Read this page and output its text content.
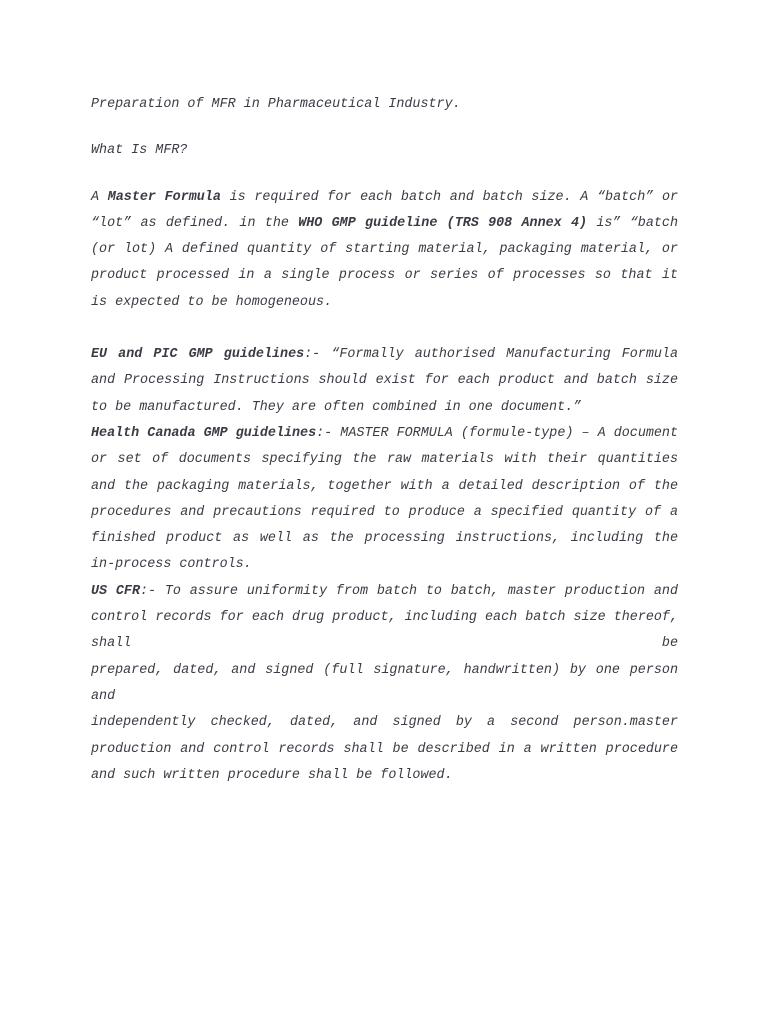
Preparation of MFR in Pharmaceutical Industry.

What Is MFR?

A Master Formula is required for each batch and batch size. A “batch” or “lot” as defined. in the WHO GMP guideline (TRS 908 Annex 4) is” “batch (or lot) A defined quantity of starting material, packaging material, or product processed in a single process or series of processes so that it is expected to be homogeneous.

EU and PIC GMP guidelines:- “Formally authorised Manufacturing Formula and Processing Instructions should exist for each product and batch size to be manufactured. They are often combined in one document.”

Health Canada GMP guidelines:- MASTER FORMULA (formule-type) – A document or set of documents specifying the raw materials with their quantities and the packaging materials, together with a detailed description of the procedures and precautions required to produce a specified quantity of a finished product as well as the processing instructions, including the in-process controls.

US CFR:- To assure uniformity from batch to batch, master production and
control records for each drug product, including each batch size thereof, shall be
prepared, dated, and signed (full signature, handwritten) by one person and

independently checked, dated, and signed by a second person.master production and control records shall be described in a written procedure and such written procedure shall be followed.
